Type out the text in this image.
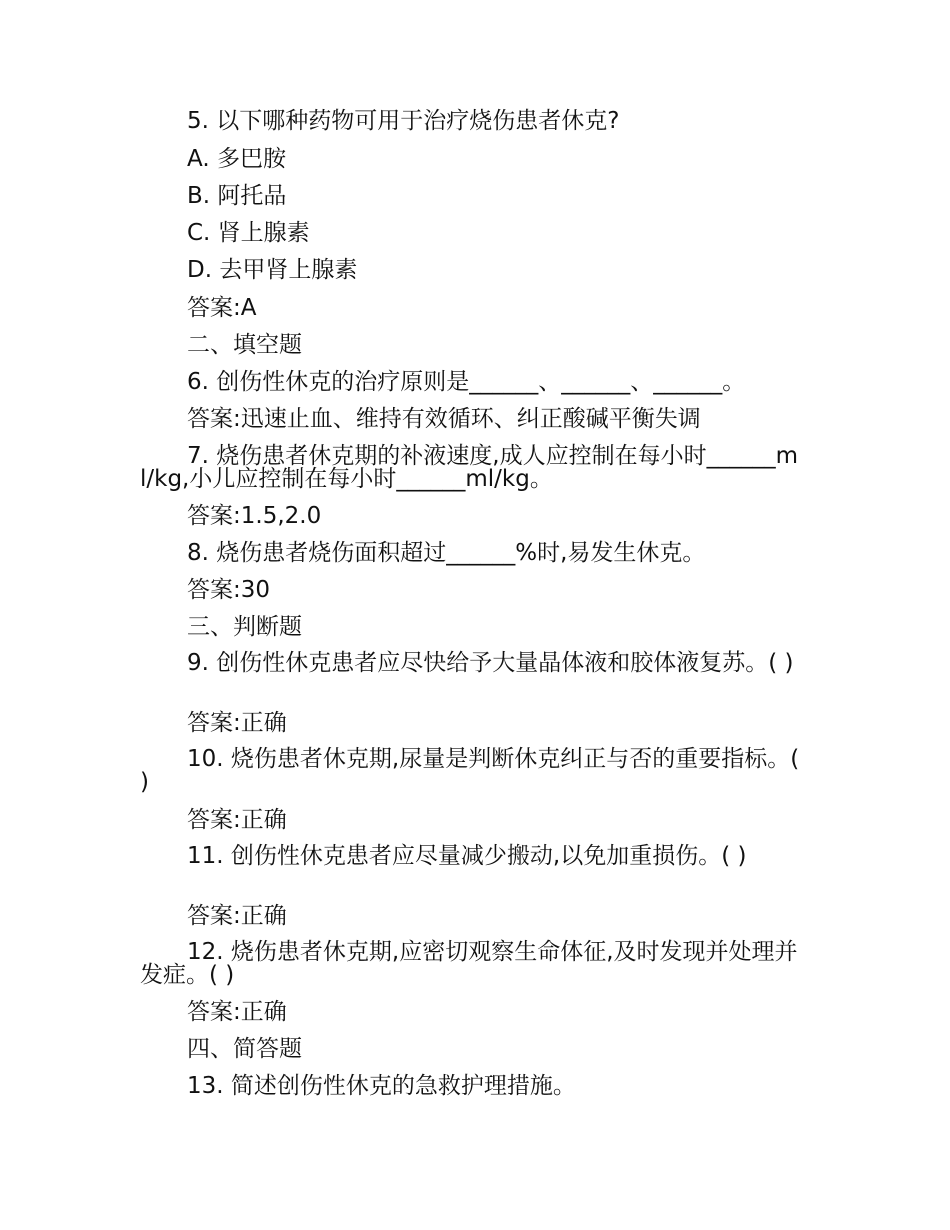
5. 以下哪种药物可用于治疗烧伤患者休克?
A. 多巴胺
B. 阿托品
C. 肾上腺素
D. 去甲肾上腺素
答案:A
二、填空题
6. 创伤性休克的治疗原则是______、______、______。
答案:迅速止血、维持有效循环、纠正酸碱平衡失调
7. 烧伤患者休克期的补液速度,成人应控制在每小时______ml/kg,小儿应控制在每小时______ml/kg。
答案:1.5,2.0
8. 烧伤患者烧伤面积超过______%时,易发生休克。
答案:30
三、判断题
9. 创伤性休克患者应尽快给予大量晶体液和胶体液复苏。( )
答案:正确
10. 烧伤患者休克期,尿量是判断休克纠正与否的重要指标。( )
答案:正确
11. 创伤性休克患者应尽量减少搬动,以免加重损伤。( )
答案:正确
12. 烧伤患者休克期,应密切观察生命体征,及时发现并处理并发症。( )
答案:正确
四、简答题
13. 简述创伤性休克的急救护理措施。
